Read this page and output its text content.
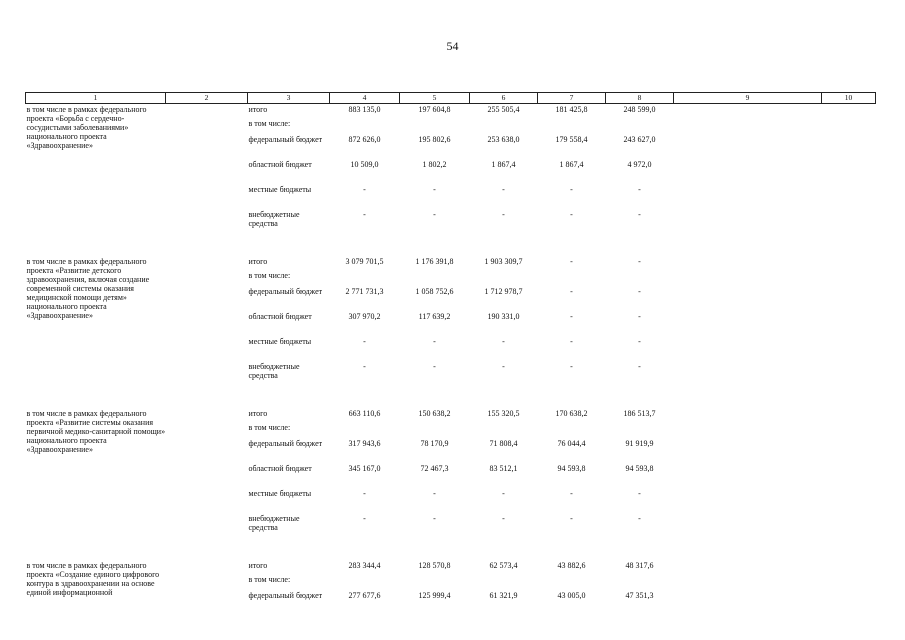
54
1	2	3	4	5	6	7	8	9	10
в том числе в рамках федерального проекта «Борьба с сердечно-сосудистыми заболеваниями» национального проекта «Здравоохранение»		итого	883 135,0	197 604,8	255 505,4	181 425,8	248 599,0		
		в том числе:							
		федеральный бюджет	872 626,0	195 802,6	253 638,0	179 558,4	243 627,0		
		областной бюджет	10 509,0	1 802,2	1 867,4	1 867,4	4 972,0		
		местные бюджеты	-	-	-	-	-		
		внебюджетные средства	-	-	-	-	-		

в том числе в рамках федерального проекта «Развитие детского здравоохранения, включая создание современной системы оказания медицинской помощи детям» национального проекта «Здравоохранение»		итого	3 079 701,5	1 176 391,8	1 903 309,7	-	-		
		в том числе:							
		федеральный бюджет	2 771 731,3	1 058 752,6	1 712 978,7	-	-		
		областной бюджет	307 970,2	117 639,2	190 331,0	-	-		
		местные бюджеты	-	-	-	-	-		
		внебюджетные средства	-	-	-	-	-		

в том числе в рамках федерального проекта «Развитие системы оказания первичной медико-санитарной помощи» национального проекта «Здравоохранение»		итого	663 110,6	150 638,2	155 320,5	170 638,2	186 513,7		
		в том числе:							
		федеральный бюджет	317 943,6	78 170,9	71 808,4	76 044,4	91 919,9		
		областной бюджет	345 167,0	72 467,3	83 512,1	94 593,8	94 593,8		
		местные бюджеты	-	-	-	-	-		
		внебюджетные средства	-	-	-	-	-		

в том числе в рамках федерального проекта «Создание единого цифрового контура в здравоохранении на основе единой информационной		итого	283 344,4	128 570,8	62 573,4	43 882,6	48 317,6		
		в том числе:							
		федеральный бюджет	277 677,6	125 999,4	61 321,9	43 005,0	47 351,3		
